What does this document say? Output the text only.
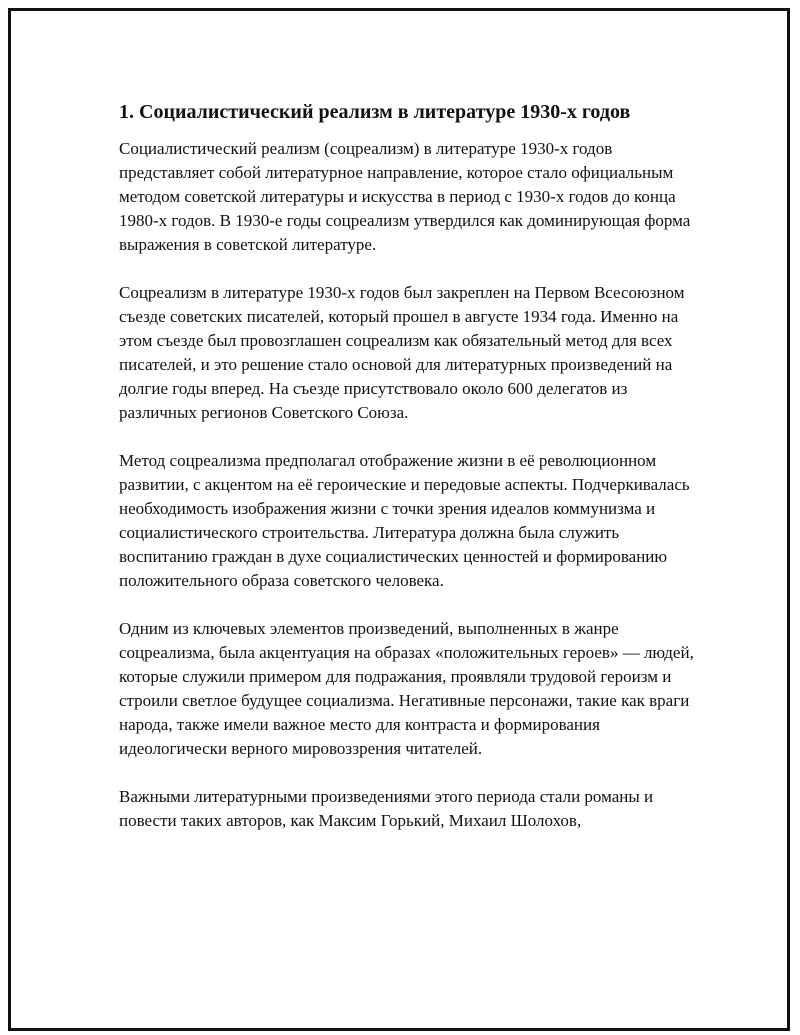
1. Социалистический реализм в литературе 1930-х годов

Социалистический реализм (соцреализм) в литературе 1930-х годов представляет собой литературное направление, которое стало официальным методом советской литературы и искусства в период с 1930-х годов до конца 1980-х годов. В 1930-е годы соцреализм утвердился как доминирующая форма выражения в советской литературе.

Соцреализм в литературе 1930-х годов был закреплен на Первом Всесоюзном съезде советских писателей, который прошел в августе 1934 года. Именно на этом съезде был провозглашен соцреализм как обязательный метод для всех писателей, и это решение стало основой для литературных произведений на долгие годы вперед. На съезде присутствовало около 600 делегатов из различных регионов Советского Союза.

Метод соцреализма предполагал отображение жизни в её революционном развитии, с акцентом на её героические и передовые аспекты. Подчеркивалась необходимость изображения жизни с точки зрения идеалов коммунизма и социалистического строительства. Литература должна была служить воспитанию граждан в духе социалистических ценностей и формированию положительного образа советского человека.

Одним из ключевых элементов произведений, выполненных в жанре соцреализма, была акцентуация на образах «положительных героев» — людей, которые служили примером для подражания, проявляли трудовой героизм и строили светлое будущее социализма. Негативные персонажи, такие как враги народа, также имели важное место для контраста и формирования идеологически верного мировоззрения читателей.

Важными литературными произведениями этого периода стали романы и повести таких авторов, как Максим Горький, Михаил Шолохов,
